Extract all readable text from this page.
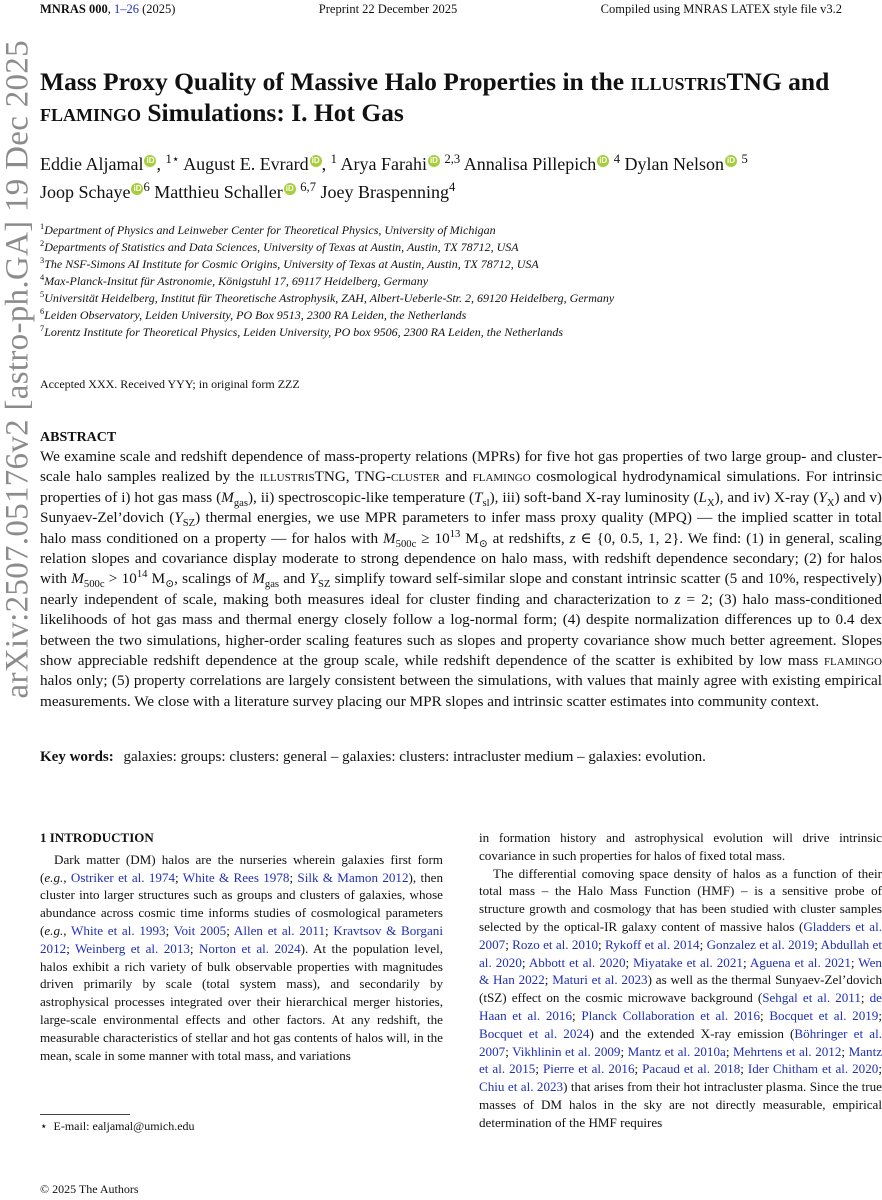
MNRAS 000, 1–26 (2025)	Preprint 22 December 2025	Compiled using MNRAS LATEX style file v3.2
arXiv:2507.05176v2 [astro-ph.GA] 19 Dec 2025 Mass Proxy Quality of Massive Halo Properties in the illustrisTNG and
flamingo Simulations: I. Hot Gas
Eddie Aljamal iD , $^{1⋆}$ August E. Evrard iD , $^1$ Arya Farahi iD $^{2,3}$ Annalisa Pillepich iD $^4$ Dylan Nelson iD $^5$
Joop Schaye iD $^6$ Matthieu Schaller iD $^{6,7}$ Joey Braspenning$^4$
$^1$Department of Physics and Leinweber Center for Theoretical Physics, University of Michigan
$^2$Departments of Statistics and Data Sciences, University of Texas at Austin, Austin, TX 78712, USA
$^3$The NSF-Simons AI Institute for Cosmic Origins, University of Texas at Austin, Austin, TX 78712, USA
$^4$Max-Planck-Insitut für Astronomie, Königstuhl 17, 69117 Heidelberg, Germany
$^5$Universität Heidelberg, Institut für Theoretische Astrophysik, ZAH, Albert-Ueberle-Str. 2, 69120 Heidelberg, Germany
$^6$Leiden Observatory, Leiden University, PO Box 9513, 2300 RA Leiden, the Netherlands
$^7$Lorentz Institute for Theoretical Physics, Leiden University, PO box 9506, 2300 RA Leiden, the Netherlands
Accepted XXX. Received YYY; in original form ZZZ
ABSTRACT
We examine scale and redshift dependence of mass-property relations (MPRs) for five hot gas properties of two large group- and cluster-scale halo samples realized by the illustrisTNG, TNG-cluster and flamingo cosmological hydrodynamical simulations. For intrinsic properties of i) hot gas mass $(M_{gas})$, ii) spectroscopic-like temperature $(T_{sl})$, iii) soft-band X-ray luminosity $(L_X)$, and iv) X-ray $(Y_X)$ and v) Sunyaev-Zel’dovich $(Y_{SZ})$ thermal energies, we use MPR parameters to infer mass proxy quality (MPQ) — the implied scatter in total halo mass conditioned on a property — for halos with $M_{500c} \ge 10^{13}$ $M_⊙$ at redshifts, z ∈ {0, 0.5, 1, 2}. We find: (1) in general, scaling relation slopes and covariance display moderate to strong dependence on halo mass, with redshift dependence secondary; (2) for halos with $M_{500c} > 10^{14}$ $M_⊙$, scalings of $M_{gas}$ and $Y_{SZ}$ simplify toward self-similar slope and constant intrinsic scatter (5 and 10%, respectively) nearly independent of scale, making both measures ideal for cluster finding and characterization to z = 2; (3) halo mass-conditioned likelihoods of hot gas mass and thermal energy closely follow a log-normal form; (4) despite normalization differences up to 0.4 dex between the two simulations, higher-order scaling features such as slopes and property covariance show much better agreement. Slopes show appreciable redshift dependence at the group scale, while redshift dependence of the scatter is exhibited by low mass flamingo halos only; (5) property correlations are largely consistent between the simulations, with values that mainly agree with existing empirical measurements. We close with a literature survey placing our MPR slopes and intrinsic scatter estimates into community context.
Key words: galaxies: groups: clusters: general – galaxies: clusters: intracluster medium – galaxies: evolution.
1 INTRODUCTION

Dark matter (DM) halos are the nurseries wherein galaxies first form (e.g., Ostriker et al. 1974; White & Rees 1978; Silk & Mamon 2012), then cluster into larger structures such as groups and clusters of galaxies, whose abundance across cosmic time informs studies of cosmological parameters (e.g., White et al. 1993; Voit 2005; Allen et al. 2011; Kravtsov & Borgani 2012; Weinberg et al. 2013; Norton et al. 2024). At the population level, halos exhibit a rich variety of bulk observable properties with magnitudes driven primarily by scale (total system mass), and secondarily by astrophysical processes integrated over their hierarchical merger histories, large-scale environmental effects and other factors. At any redshift, the measurable characteristics of stellar and hot gas contents of halos will, in the mean, scale in some manner with total mass, and variations

in formation history and astrophysical evolution will drive intrinsic covariance in such properties for halos of fixed total mass.

The differential comoving space density of halos as a function of their total mass – the Halo Mass Function (HMF) – is a sensitive probe of structure growth and cosmology that has been studied with cluster samples selected by the optical-IR galaxy content of massive halos (Gladders et al. 2007; Rozo et al. 2010; Rykoff et al. 2014; Gonzalez et al. 2019; Abdullah et al. 2020; Abbott et al. 2020; Miyatake et al. 2021; Aguena et al. 2021; Wen & Han 2022; Maturi et al. 2023) as well as the thermal Sunyaev-Zel’dovich (tSZ) effect on the cosmic microwave background (Sehgal et al. 2011; de Haan et al. 2016; Planck Collaboration et al. 2016; Bocquet et al. 2019; Bocquet et al. 2024) and the extended X-ray emission (Böhringer et al. 2007; Vikhlinin et al. 2009; Mantz et al. 2010a; Mehrtens et al. 2012; Mantz et al. 2015; Pierre et al. 2016; Pacaud et al. 2018; Ider Chitham et al. 2020; Chiu et al. 2023) that arises from their hot intracluster plasma. Since the true masses of DM halos in the sky are not directly measurable, empirical determination of the HMF requires

⋆ E-mail: ealjamal@umich.edu
© 2025 The Authors
